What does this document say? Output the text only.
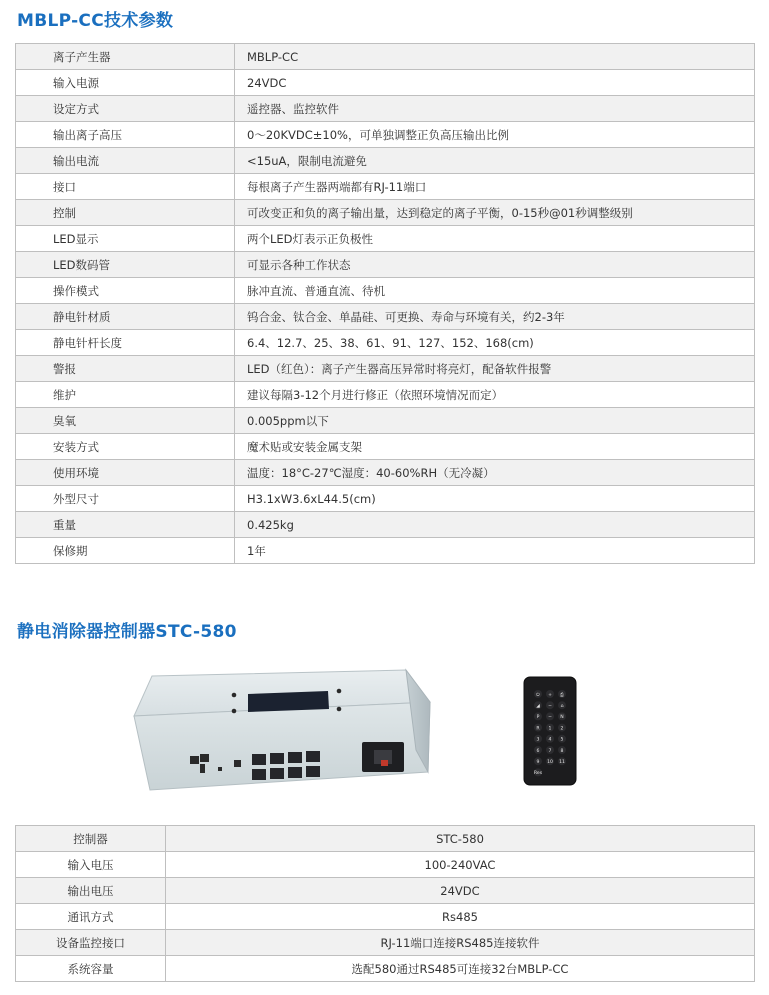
MBLP-CC技术参数
离子产生器	MBLP-CC
输入电源	24VDC
设定方式	遥控器、监控软件
输出离子高压	0～20KVDC±10%，可单独调整正负高压输出比例
输出电流	<15uA，限制电流避免
接口	每根离子产生器两端都有RJ-11端口
控制	可改变正和负的离子输出量，达到稳定的离子平衡，0-15秒@01秒调整级别
LED显示	两个LED灯表示正负极性
LED数码管	可显示各种工作状态
操作模式	脉冲直流、普通直流、待机
静电针材质	钨合金、钛合金、单晶硅、可更换、寿命与环境有关，约2-3年
静电针杆长度	6.4、12.7、25、38、61、91、127、152、168(cm)
警报	LED（红色）：离子产生器高压异常时将亮灯，配备软件报警
维护	建议每隔3-12个月进行修正（依照环境情况而定）
臭氧	0.005ppm以下
安装方式	魔术贴或安装金属支架
使用环境	温度：18°C-27℃湿度：40-60%RH（无冷凝）
外型尺寸	H3.1xW3.6xL44.5(cm)
重量	0.425kg
保修期	1年
静电消除器控制器STC-580
⏻ + ⎙
◢ − ⌂
P − N
R 1 2
3 4 5
6 7 8
9 10 11
Res
控制器	STC-580
输入电压	100-240VAC
输出电压	24VDC
通讯方式	Rs485
设备监控接口	RJ-11端口连接RS485连接软件
系统容量	选配580通过RS485可连接32台MBLP-CC
